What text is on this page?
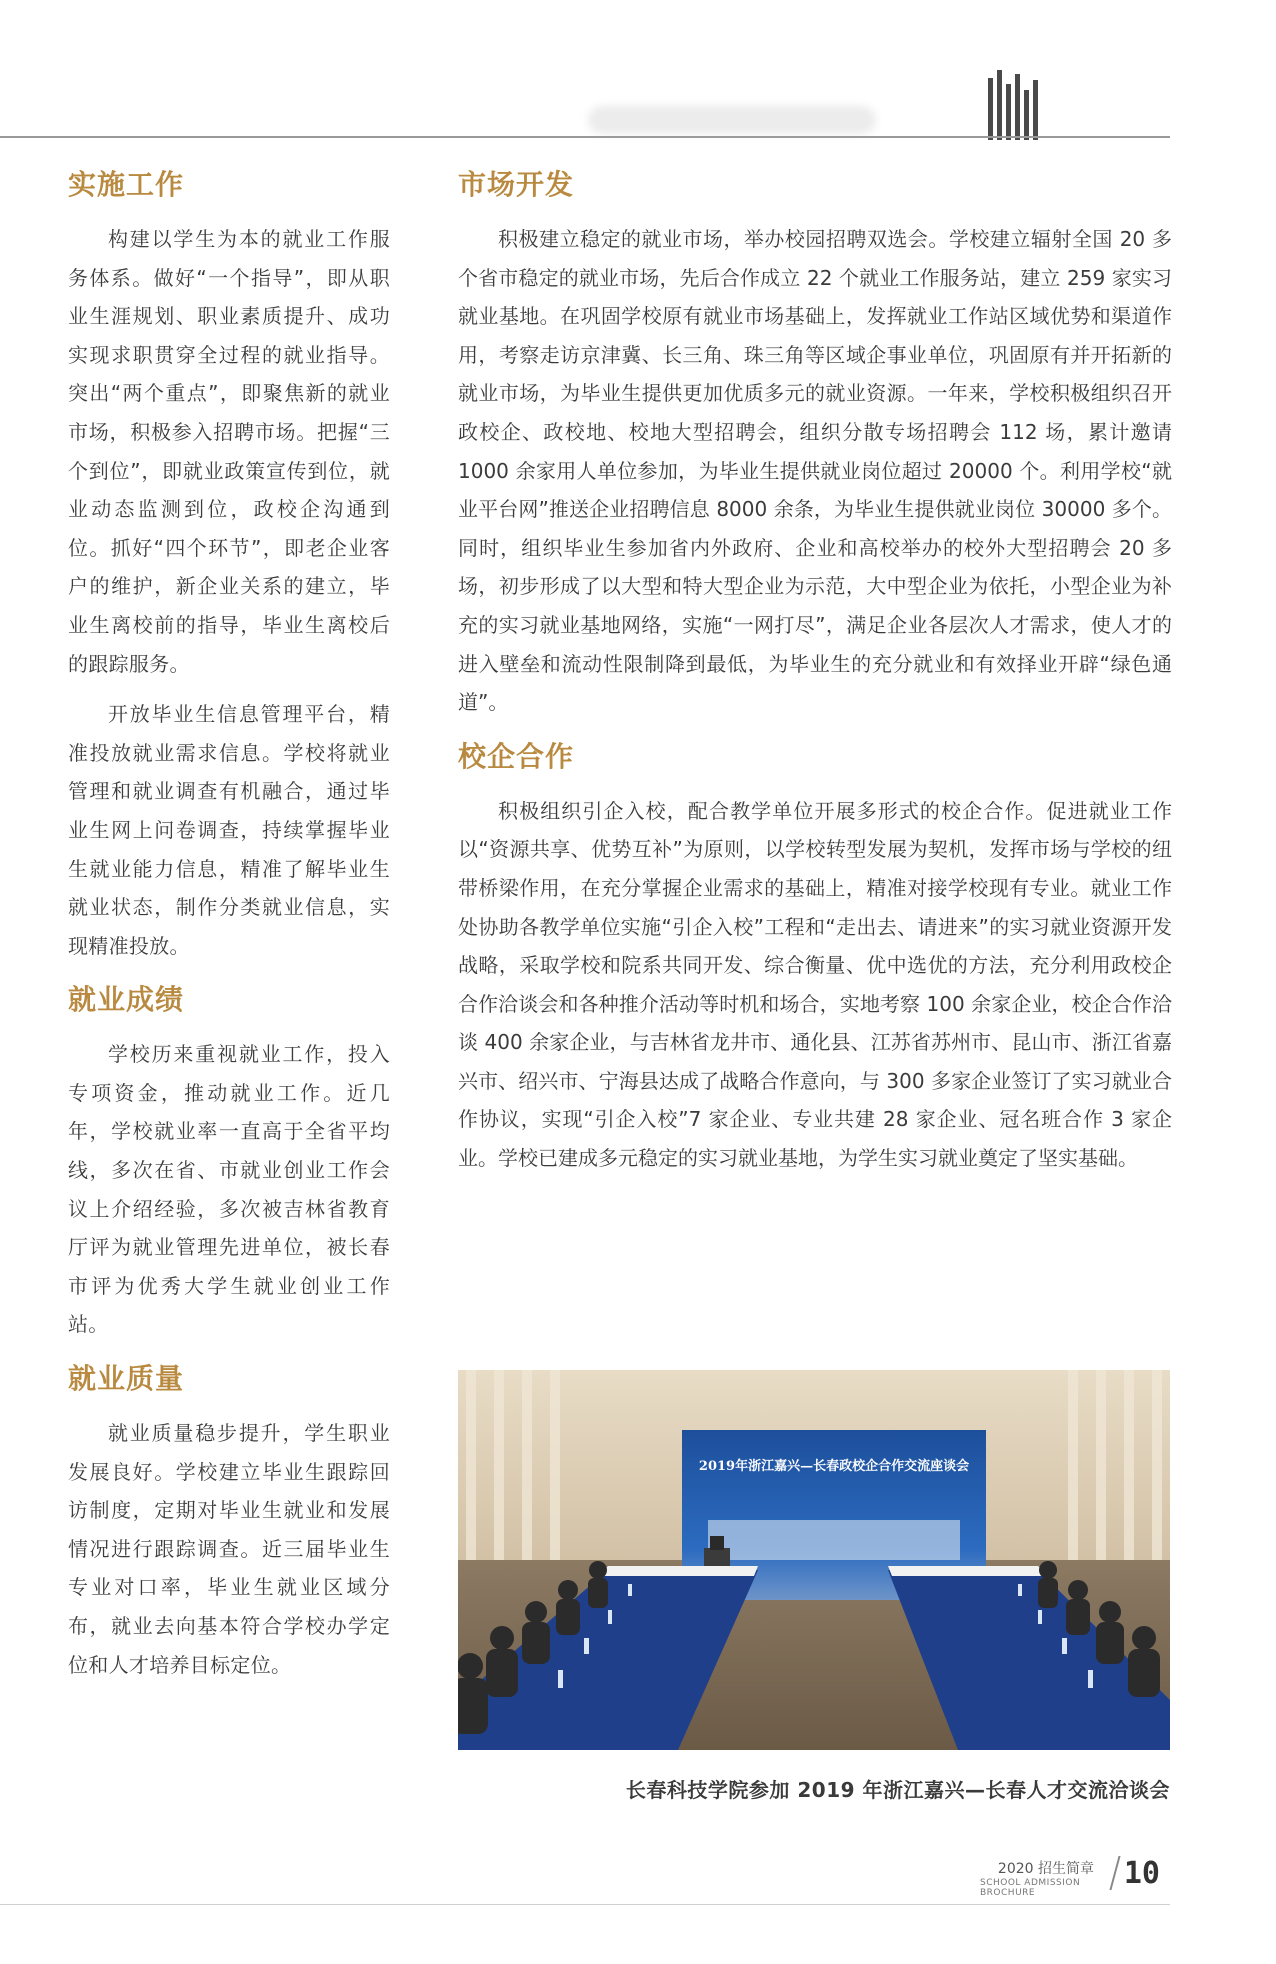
实施工作

构建以学生为本的就业工作服务体系。做好“一个指导”，即从职业生涯规划、职业素质提升、成功实现求职贯穿全过程的就业指导。突出“两个重点”，即聚焦新的就业市场，积极参入招聘市场。把握“三个到位”，即就业政策宣传到位，就业动态监测到位，政校企沟通到位。抓好“四个环节”，即老企业客户的维护，新企业关系的建立，毕业生离校前的指导，毕业生离校后的跟踪服务。

开放毕业生信息管理平台，精准投放就业需求信息。学校将就业管理和就业调查有机融合，通过毕业生网上问卷调查，持续掌握毕业生就业能力信息，精准了解毕业生就业状态，制作分类就业信息，实现精准投放。

就业成绩

学校历来重视就业工作，投入专项资金，推动就业工作。近几年，学校就业率一直高于全省平均线，多次在省、市就业创业工作会议上介绍经验，多次被吉林省教育厅评为就业管理先进单位，被长春市评为优秀大学生就业创业工作站。

就业质量

就业质量稳步提升，学生职业发展良好。学校建立毕业生跟踪回访制度，定期对毕业生就业和发展情况进行跟踪调查。近三届毕业生专业对口率，毕业生就业区域分布，就业去向基本符合学校办学定位和人才培养目标定位。

市场开发

积极建立稳定的就业市场，举办校园招聘双选会。学校建立辐射全国 20 多个省市稳定的就业市场，先后合作成立 22 个就业工作服务站，建立 259 家实习就业基地。在巩固学校原有就业市场基础上，发挥就业工作站区域优势和渠道作用，考察走访京津冀、长三角、珠三角等区域企事业单位，巩固原有并开拓新的就业市场，为毕业生提供更加优质多元的就业资源。一年来，学校积极组织召开政校企、政校地、校地大型招聘会，组织分散专场招聘会 112 场，累计邀请 1000 余家用人单位参加，为毕业生提供就业岗位超过 20000 个。利用学校“就业平台网”推送企业招聘信息 8000 余条，为毕业生提供就业岗位 30000 多个。同时，组织毕业生参加省内外政府、企业和高校举办的校外大型招聘会 20 多场，初步形成了以大型和特大型企业为示范，大中型企业为依托，小型企业为补充的实习就业基地网络，实施“一网打尽”，满足企业各层次人才需求，使人才的进入壁垒和流动性限制降到最低，为毕业生的充分就业和有效择业开辟“绿色通道”。

校企合作

积极组织引企入校，配合教学单位开展多形式的校企合作。促进就业工作以“资源共享、优势互补”为原则，以学校转型发展为契机，发挥市场与学校的纽带桥梁作用，在充分掌握企业需求的基础上，精准对接学校现有专业。就业工作处协助各教学单位实施“引企入校”工程和“走出去、请进来”的实习就业资源开发战略，采取学校和院系共同开发、综合衡量、优中选优的方法，充分利用政校企合作洽谈会和各种推介活动等时机和场合，实地考察 100 余家企业，校企合作洽谈 400 余家企业，与吉林省龙井市、通化县、江苏省苏州市、昆山市、浙江省嘉兴市、绍兴市、宁海县达成了战略合作意向，与 300 多家企业签订了实习就业合作协议，实现“引企入校”7 家企业、专业共建 28 家企业、冠名班合作 3 家企业。学校已建成多元稳定的实习就业基地，为学生实习就业奠定了坚实基础。

2019年浙江嘉兴—长春政校企合作交流座谈会
长春科技学院参加 2019 年浙江嘉兴—长春人才交流洽谈会
2020 招生简章
SCHOOL ADMISSION BROCHURE
10
